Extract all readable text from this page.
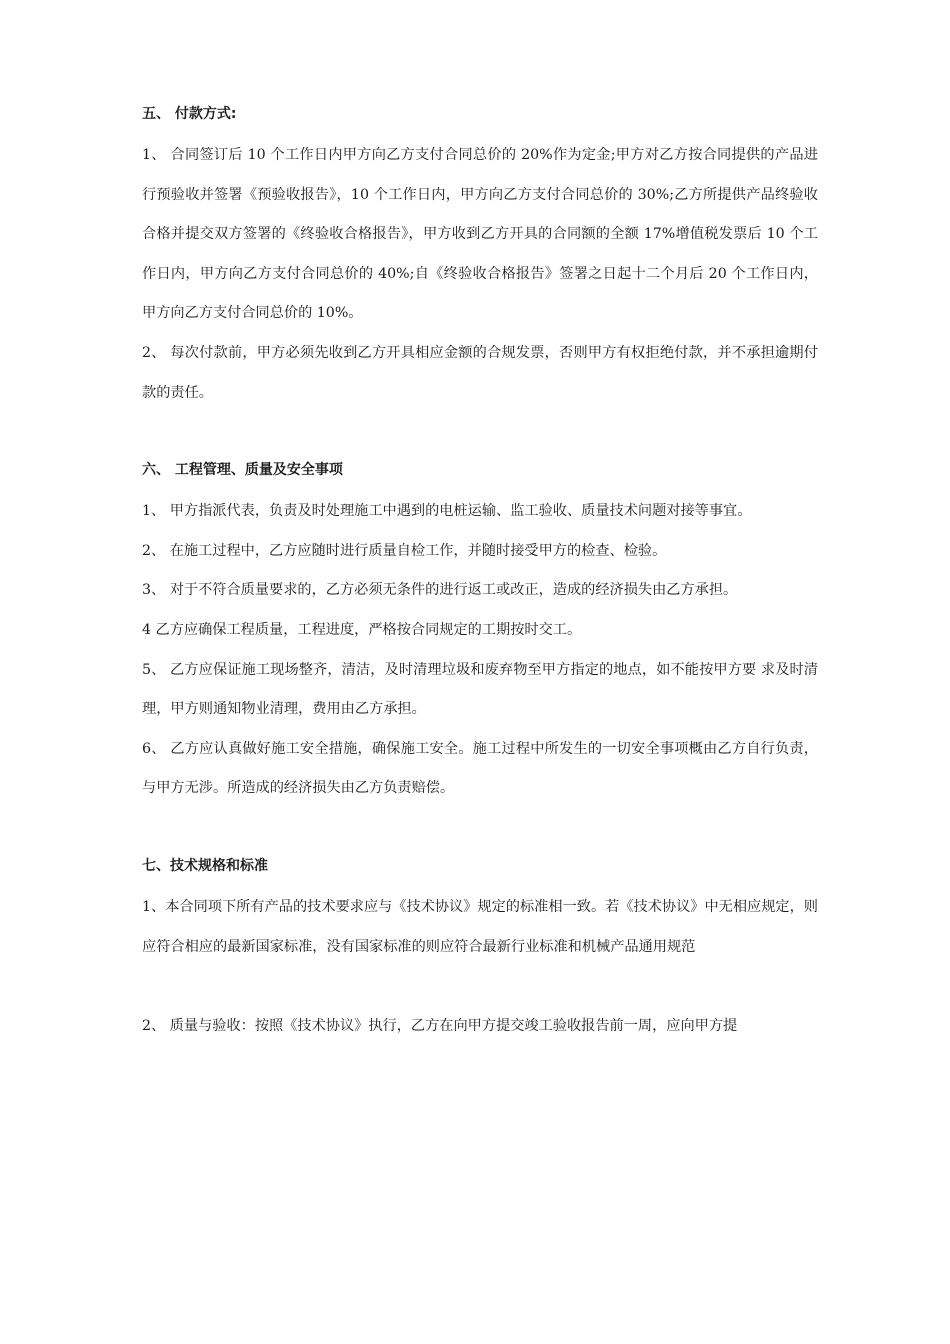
五、 付款方式:

1、 合同签订后 10 个工作日内甲方向乙方支付合同总价的 20%作为定金;甲方对乙方按合同提供的产品进行预验收并签署《预验收报告》，10 个工作日内，甲方向乙方支付合同总价的 30%;乙方所提供产品终验收合格并提交双方签署的《终验收合格报告》，甲方收到乙方开具的合同额的全额 17%增值税发票后 10 个工作日内，甲方向乙方支付合同总价的 40%;自《终验收合格报告》签署之日起十二个月后 20 个工作日内，甲方向乙方支付合同总价的 10%。

2、 每次付款前，甲方必须先收到乙方开具相应金额的合规发票，否则甲方有权拒绝付款，并不承担逾期付款的责任。

六、 工程管理、质量及安全事项

1、 甲方指派代表，负责及时处理施工中遇到的电桩运输、监工验收、质量技术问题对接等事宜。

2、 在施工过程中，乙方应随时进行质量自检工作，并随时接受甲方的检查、检验。

3、 对于不符合质量要求的，乙方必须无条件的进行返工或改正，造成的经济损失由乙方承担。

4 乙方应确保工程质量，工程进度，严格按合同规定的工期按时交工。

5、 乙方应保证施工现场整齐，清洁，及时清理垃圾和废弃物至甲方指定的地点，如不能按甲方要 求及时清理，甲方则通知物业清理，费用由乙方承担。

6、 乙方应认真做好施工安全措施，确保施工安全。施工过程中所发生的一切安全事项概由乙方自行负责，与甲方无涉。所造成的经济损失由乙方负责赔偿。

七、技术规格和标准

1、本合同项下所有产品的技术要求应与《技术协议》规定的标准相一致。若《技术协议》中无相应规定，则应符合相应的最新国家标准，没有国家标准的则应符合最新行业标准和机械产品通用规范

2、 质量与验收：按照《技术协议》执行，乙方在向甲方提交竣工验收报告前一周，应向甲方提
